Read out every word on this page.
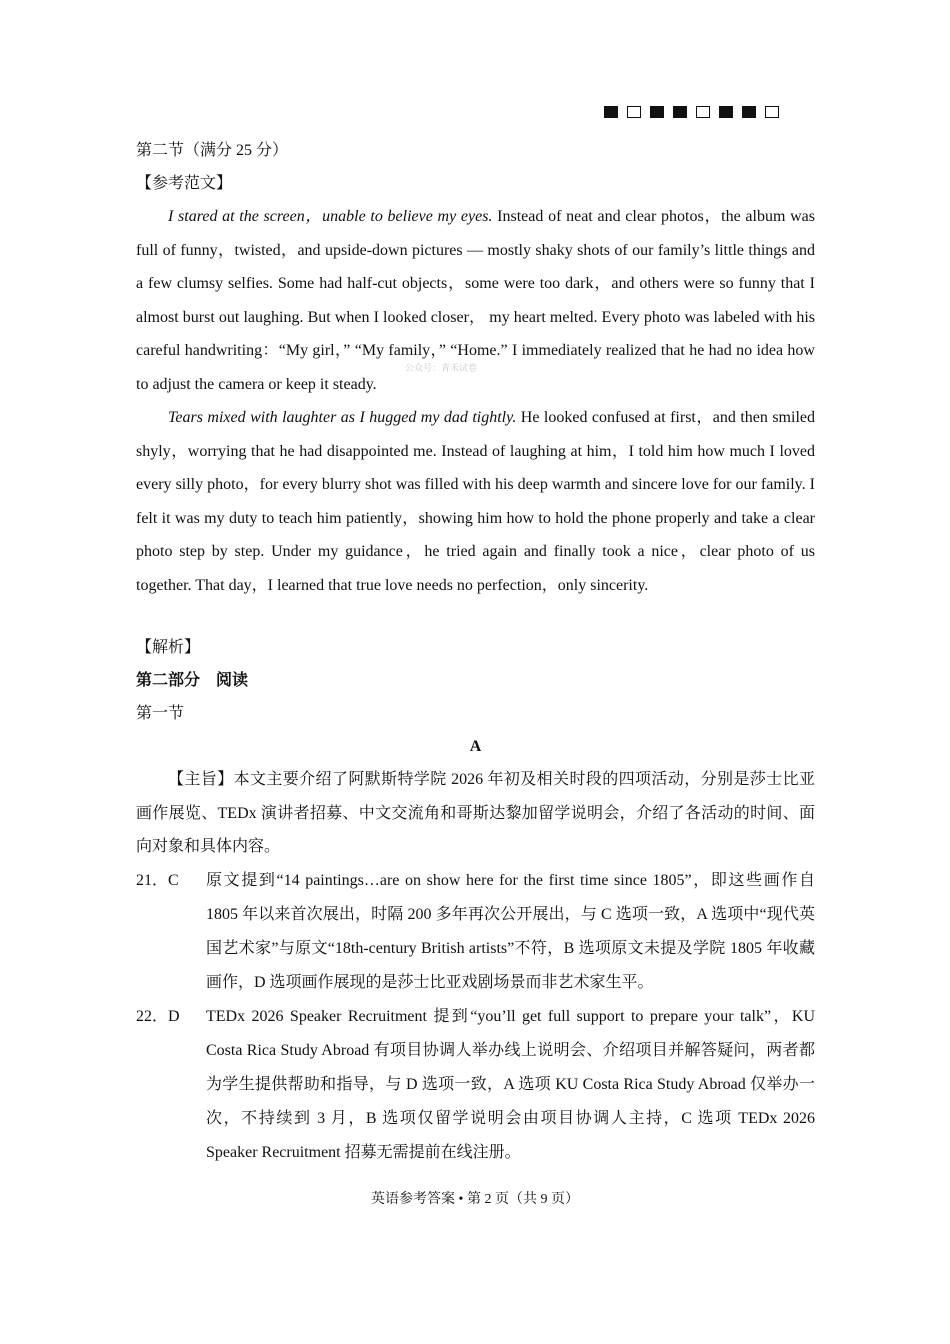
第二节（满分 25 分）

【参考范文】

I stared at the screen，unable to believe my eyes. Instead of neat and clear photos，the album was full of funny，twisted，and upside-down pictures — mostly shaky shots of our family’s little things and a few clumsy selfies. Some had half-cut objects，some were too dark，and others were so funny that I almost burst out laughing. But when I looked closer， my heart melted. Every photo was labeled with his careful handwriting：“My girl，” “My family，” “Home.” I immediately realized that he had no idea how to adjust the camera or keep it steady.

Tears mixed with laughter as I hugged my dad tightly. He looked confused at first，and then smiled shyly，worrying that he had disappointed me. Instead of laughing at him，I told him how much I loved every silly photo，for every blurry shot was filled with his deep warmth and sincere love for our family. I felt it was my duty to teach him patiently，showing him how to hold the phone properly and take a clear photo step by step. Under my guidance，he tried again and finally took a nice，clear photo of us together. That day，I learned that true love needs no perfection，only sincerity.

【解析】

第二部分　阅读

第一节

A

【主旨】本文主要介绍了阿默斯特学院 2026 年初及相关时段的四项活动，分别是莎士比亚画作展览、TEDx 演讲者招募、中文交流角和哥斯达黎加留学说明会，介绍了各活动的时间、面向对象和具体内容。

21．C	原文提到“14 paintings…are on show here for the first time since 1805”，即这些画作自 1805 年以来首次展出，时隔 200 多年再次公开展出，与 C 选项一致，A 选项中“现代英国艺术家”与原文“18th-century British artists”不符，B 选项原文未提及学院 1805 年收藏画作，D 选项画作展现的是莎士比亚戏剧场景而非艺术家生平。
22．D	TEDx 2026 Speaker Recruitment 提到“you’ll get full support to prepare your talk”，KU Costa Rica Study Abroad 有项目协调人举办线上说明会、介绍项目并解答疑问，两者都为学生提供帮助和指导，与 D 选项一致，A 选项 KU Costa Rica Study Abroad 仅举办一次，不持续到 3 月，B 选项仅留学说明会由项目协调人主持，C 选项 TEDx 2026 Speaker Recruitment 招募无需提前在线注册。
公众号：青禾试卷
英语参考答案 • 第 2 页（共 9 页）
